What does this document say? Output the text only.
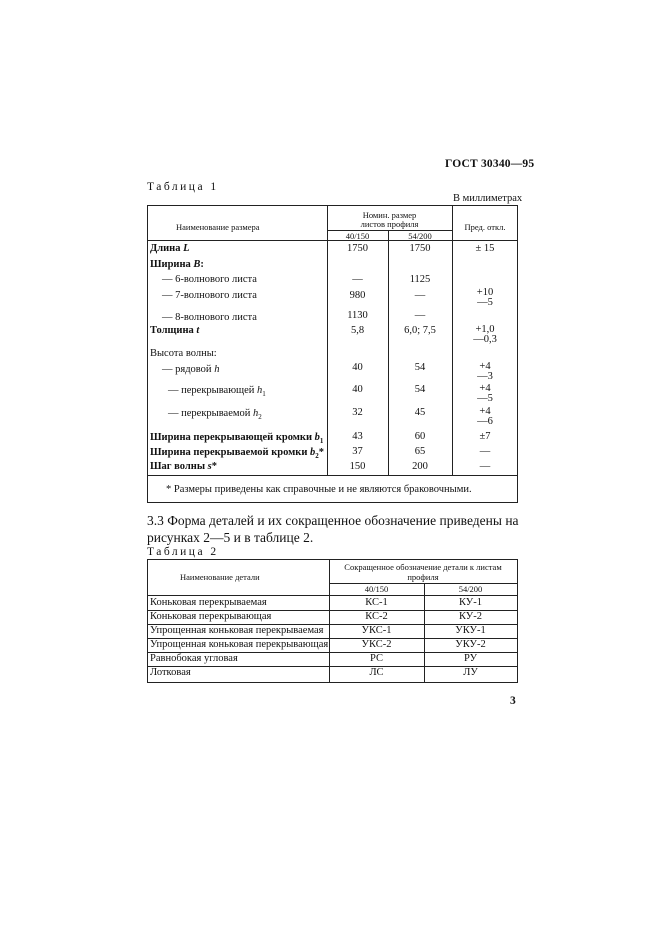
ГОСТ 30340—95
Таблица 1
В миллиметрах
Наименование размера
Номин. размер
листов профиля
40/150	54/200
Пред. откл.
Длина L	1750	1750	± 15
Ширина B:
— 6-волнового листа	—	1125
— 7-волнового листа	980	—	+10
—5
— 8-волнового листа	1130	—
Толщина t	5,8	6,0; 7,5	+1,0
—0,3
Высота волны:
— рядовой h	40	54	+4
—3
— перекрывающей $h_1$	40	54	+4
—5
— перекрываемой $h_2$	32	45	+4
—6
Ширина перекрывающей кромки $b_1$	43	60	±7
Ширина перекрываемой кромки $b_2*$	37	65	—
Шаг волны s*	150	200	—
* Размеры приведены как справочные и не являются браковочными.
3.3 Форма деталей и их сокращенное обозначение приведены на рисунках 2—5 и в таблице 2.
Таблица 2
Наименование детали
Сокращенное обозначение детали к листам профиля
40/150	54/200
Коньковая перекрываемая	КС-1	КУ-1
Коньковая перекрывающая	КС-2	КУ-2
Упрощенная коньковая перекрываемая	УКС-1	УКУ-1
Упрощенная коньковая перекрывающая	УКС-2	УКУ-2
Равнобокая угловая	РС	РУ
Лотковая	ЛС	ЛУ
3
